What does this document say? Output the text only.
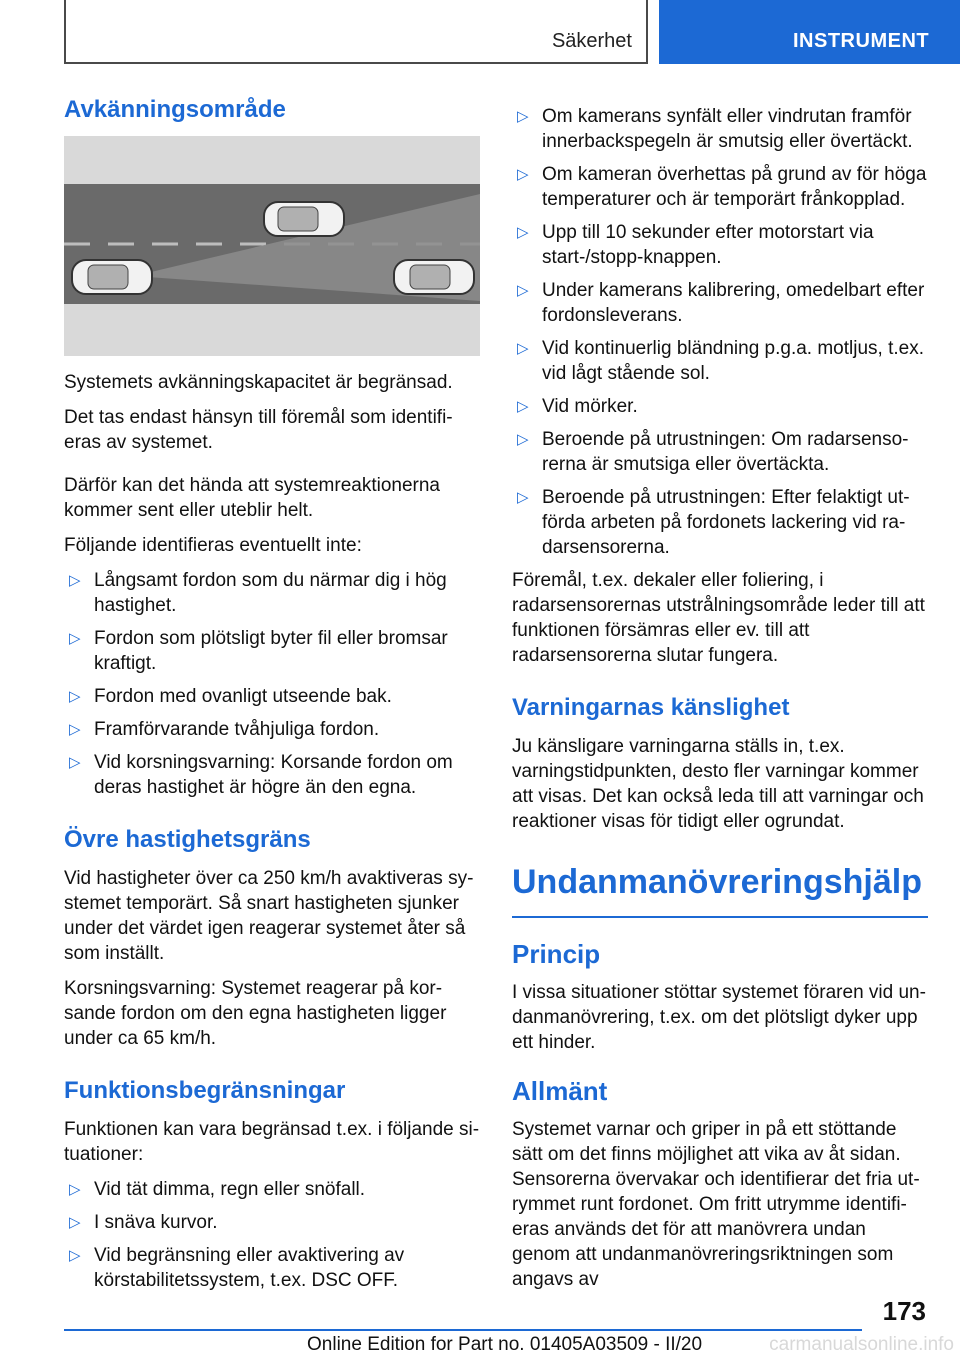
Säkerhet	INSTRUMENT
Avkänningsområde

Systemets avkänningskapacitet är begränsad.

Det tas endast hänsyn till föremål som identifieras av systemet.

Därför kan det hända att systemreaktionerna kommer sent eller uteblir helt.

Följande identifieras eventuellt inte:

▷ Långsamt fordon som du närmar dig i hög hastighet.
▷ Fordon som plötsligt byter fil eller bromsar kraftigt.
▷ Fordon med ovanligt utseende bak.
▷ Framförvarande tvåhjuliga fordon.
▷ Vid korsningsvarning: Korsande fordon om deras hastighet är högre än den egna.
Övre hastighetsgräns

Vid hastigheter över ca 250 km/h avaktiveras systemet temporärt. Så snart hastigheten sjunker under det värdet igen reagerar systemet åter så som inställt.

Korsningsvarning: Systemet reagerar på korsande fordon om den egna hastigheten ligger under ca 65 km/h.

Funktionsbegränsningar

Funktionen kan vara begränsad t.ex. i följande situationer:

▷ Vid tät dimma, regn eller snöfall.
▷ I snäva kurvor.
▷ Vid begränsning eller avaktivering av körstabilitetssystem, t.ex. DSC OFF.
▷ Om kamerans synfält eller vindrutan framför innerbackspegeln är smutsig eller övertäckt.
▷ Om kameran överhettas på grund av för höga temperaturer och är temporärt frånkopplad.
▷ Upp till 10 sekunder efter motorstart via start-/stopp-knappen.
▷ Under kamerans kalibrering, omedelbart efter fordonsleverans.
▷ Vid kontinuerlig bländning p.g.a. motljus, t.ex. vid lågt stående sol.
▷ Vid mörker.
▷ Beroende på utrustningen: Om radarsensorerna är smutsiga eller övertäckta.
▷ Beroende på utrustningen: Efter felaktigt utförda arbeten på fordonets lackering vid radarsensorerna.

Föremål, t.ex. dekaler eller foliering, i radarsensorernas utstrålningsområde leder till att funktionen försämras eller ev. till att radarsensorerna slutar fungera.

Varningarnas känslighet

Ju känsligare varningarna ställs in, t.ex. varningstidpunkten, desto fler varningar kommer att visas. Det kan också leda till att varningar och reaktioner visas för tidigt eller ogrundat.

Undanmanövreringshjälp
Princip

I vissa situationer stöttar systemet föraren vid undanmanövrering, t.ex. om det plötsligt dyker upp ett hinder.

Allmänt

Systemet varnar och griper in på ett stöttande sätt om det finns möjlighet att vika av åt sidan. Sensorerna övervakar och identifierar det fria utrymmet runt fordonet. Om fritt utrymme identifieras används det för att manövrera undan genom att undanmanövreringsriktningen som angavs av

173
Online Edition for Part no. 01405A03509 - II/20	carmanualsonline.info
